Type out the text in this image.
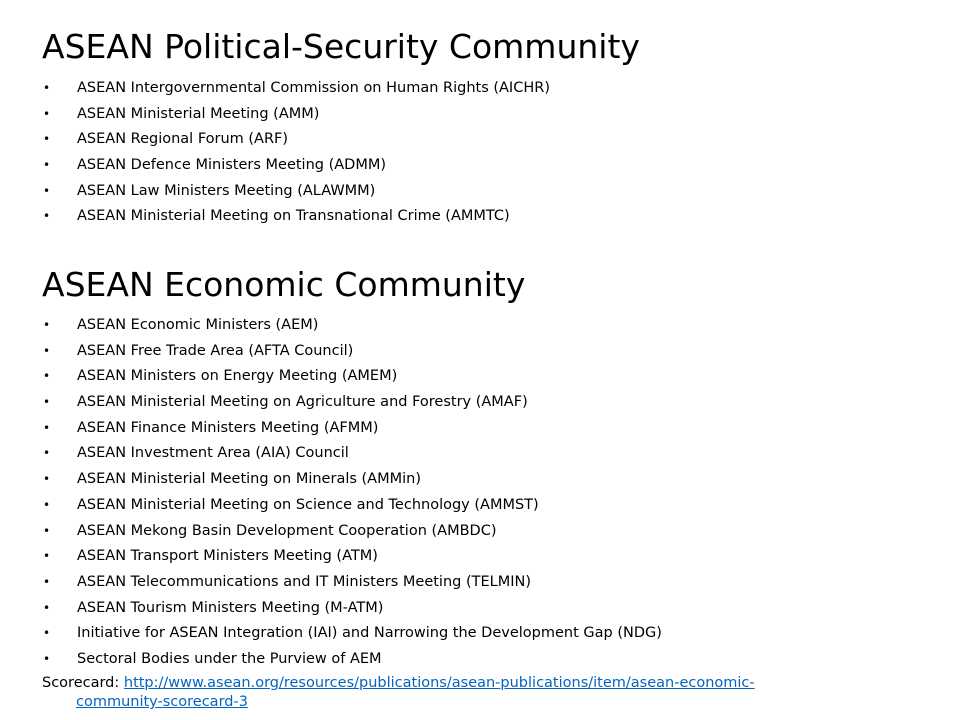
ASEAN Political-Security Community
• ASEAN Intergovernmental Commission on Human Rights (AICHR)
• ASEAN Ministerial Meeting (AMM)
• ASEAN Regional Forum (ARF)
• ASEAN Defence Ministers Meeting (ADMM)
• ASEAN Law Ministers Meeting (ALAWMM)
• ASEAN Ministerial Meeting on Transnational Crime (AMMTC)
ASEAN Economic Community
• ASEAN Economic Ministers (AEM)
• ASEAN Free Trade Area (AFTA Council)
• ASEAN Ministers on Energy Meeting (AMEM)
• ASEAN Ministerial Meeting on Agriculture and Forestry (AMAF)
• ASEAN Finance Ministers Meeting (AFMM)
• ASEAN Investment Area (AIA) Council
• ASEAN Ministerial Meeting on Minerals (AMMin)
• ASEAN Ministerial Meeting on Science and Technology (AMMST)
• ASEAN Mekong Basin Development Cooperation (AMBDC)
• ASEAN Transport Ministers Meeting (ATM)
• ASEAN Telecommunications and IT Ministers Meeting (TELMIN)
• ASEAN Tourism Ministers Meeting (M-ATM)
• Initiative for ASEAN Integration (IAI) and Narrowing the Development Gap (NDG)
• Sectoral Bodies under the Purview of AEM
Scorecard: http://www.asean.org/resources/publications/asean-publications/item/asean-economic-
community-scorecard-3
